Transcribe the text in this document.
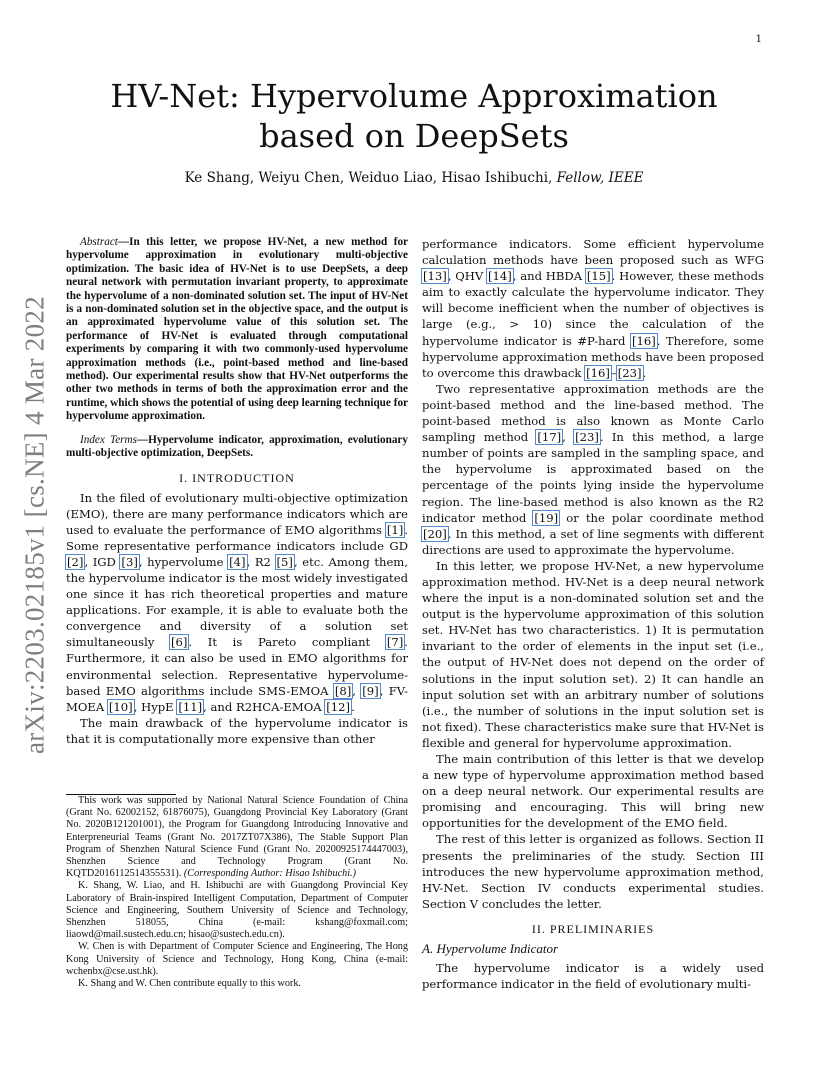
1
arXiv:2203.02185v1 [cs.NE] 4 Mar 2022
HV-Net: Hypervolume Approximation based on DeepSets
Ke Shang, Weiyu Chen, Weiduo Liao, Hisao Ishibuchi, Fellow, IEEE

Abstract—In this letter, we propose HV-Net, a new method for hypervolume approximation in evolutionary multi-objective optimization. The basic idea of HV-Net is to use DeepSets, a deep neural network with permutation invariant property, to approximate the hypervolume of a non-dominated solution set. The input of HV-Net is a non-dominated solution set in the objective space, and the output is an approximated hypervolume value of this solution set. The performance of HV-Net is evaluated through computational experiments by comparing it with two commonly-used hypervolume approximation methods (i.e., point-based method and line-based method). Our experimental results show that HV-Net outperforms the other two methods in terms of both the approximation error and the runtime, which shows the potential of using deep learning technique for hypervolume approximation.

Index Terms—Hypervolume indicator, approximation, evolutionary multi-objective optimization, DeepSets.

I. INTRODUCTION

In the filed of evolutionary multi-objective optimization (EMO), there are many performance indicators which are used to evaluate the performance of EMO algorithms [1]. Some representative performance indicators include GD [2], IGD [3], hypervolume [4], R2 [5], etc. Among them, the hypervolume indicator is the most widely investigated one since it has rich theoretical properties and mature applications. For example, it is able to evaluate both the convergence and diversity of a solution set simultaneously [6]. It is Pareto compliant [7]. Furthermore, it can also be used in EMO algorithms for environmental selection. Representative hypervolume-based EMO algorithms include SMS-EMOA [8], [9], FV-MOEA [10], HypE [11], and R2HCA-EMOA [12].

The main drawback of the hypervolume indicator is that it is computationally more expensive than other

This work was supported by National Natural Science Foundation of China (Grant No. 62002152, 61876075), Guangdong Provincial Key Laboratory (Grant No. 2020B121201001), the Program for Guangdong Introducing Innovative and Enterpreneurial Teams (Grant No. 2017ZT07X386), The Stable Support Plan Program of Shenzhen Natural Science Fund (Grant No. 20200925174447003), Shenzhen Science and Technology Program (Grant No. KQTD2016112514355531). (Corresponding Author: Hisao Ishibuchi.)

K. Shang, W. Liao, and H. Ishibuchi are with Guangdong Provincial Key Laboratory of Brain-inspired Intelligent Computation, Department of Computer Science and Engineering, Southern University of Science and Technology, Shenzhen 518055, China (e-mail: kshang@foxmail.com; liaowd@mail.sustech.edu.cn; hisao@sustech.edu.cn).

W. Chen is with Department of Computer Science and Engineering, The Hong Kong University of Science and Technology, Hong Kong, China (e-mail: wchenbx@cse.ust.hk).

K. Shang and W. Chen contribute equally to this work.

performance indicators. Some efficient hypervolume calculation methods have been proposed such as WFG [13], QHV [14], and HBDA [15]. However, these methods aim to exactly calculate the hypervolume indicator. They will become inefficient when the number of objectives is large (e.g., > 10) since the calculation of the hypervolume indicator is #P-hard [16]. Therefore, some hypervolume approximation methods have been proposed to overcome this drawback [16]–[23].

Two representative approximation methods are the point-based method and the line-based method. The point-based method is also known as Monte Carlo sampling method [17], [23]. In this method, a large number of points are sampled in the sampling space, and the hypervolume is approximated based on the percentage of the points lying inside the hypervolume region. The line-based method is also known as the R2 indicator method [19] or the polar coordinate method [20]. In this method, a set of line segments with different directions are used to approximate the hypervolume.

In this letter, we propose HV-Net, a new hypervolume approximation method. HV-Net is a deep neural network where the input is a non-dominated solution set and the output is the hypervolume approximation of this solution set. HV-Net has two characteristics. 1) It is permutation invariant to the order of elements in the input set (i.e., the output of HV-Net does not depend on the order of solutions in the input solution set). 2) It can handle an input solution set with an arbitrary number of solutions (i.e., the number of solutions in the input solution set is not fixed). These characteristics make sure that HV-Net is flexible and general for hypervolume approximation.

The main contribution of this letter is that we develop a new type of hypervolume approximation method based on a deep neural network. Our experimental results are promising and encouraging. This will bring new opportunities for the development of the EMO field.

The rest of this letter is organized as follows. Section II presents the preliminaries of the study. Section III introduces the new hypervolume approximation method, HV-Net. Section IV conducts experimental studies. Section V concludes the letter.

II. PRELIMINARIES
A. Hypervolume Indicator

The hypervolume indicator is a widely used performance indicator in the field of evolutionary multi-
